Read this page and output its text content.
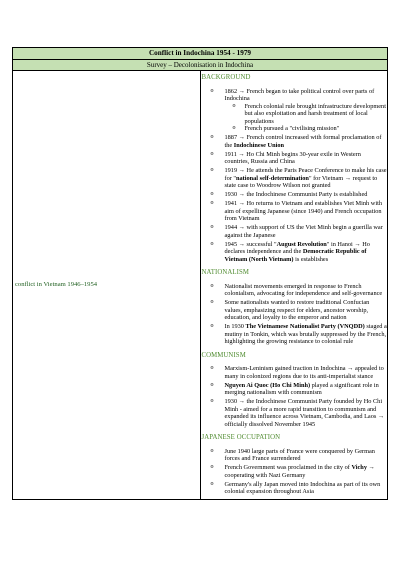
Conflict in Indochina 1954 - 1979
Survey – Decolonisation in Indochina

conflict in Vietnam 1946–1954

BACKGROUND
o 1862 → French began to take political control over parts of Indochina
o French colonial rule brought infrastructure development but also exploitation and harsh treatment of local populations
o French pursued a "civilising mission"
o 1887 → French control increased with formal proclamation of the Indochinese Union
o 1911 → Ho Chi Minh begins 30-year exile in Western countries, Russia and China
o 1919 → He attends the Paris Peace Conference to make his case for "national self-determination" for Vietnam → request to state case to Woodrow Wilson not granted
o 1930 → the Indochinese Communist Party is established
o 1941 → Ho returns to Vietnam and establishes Viet Minh with aim of expelling Japanese (since 1940) and French occupation from Vietnam
o 1944 → with support of US the Viet Minh begin a guerilla war against the Japanese
o 1945 → successful "August Revolution" in Hanoi → Ho declares independence and the Democratic Republic of Vietnam (North Vietnam) is establishes
NATIONALISM
o Nationalist movements emerged in response to French colonialism, advocating for independence and self-governance
o Some nationalists wanted to restore traditional Confucian values, emphasizing respect for elders, ancestor worship, education, and loyalty to the emperor and nation
o In 1930 The Vietnamese Nationalist Party (VNQDD) staged a mutiny in Tonkin, which was brutally suppressed by the French, highlighting the growing resistance to colonial rule
COMMUNISM
o Marxism-Leninism gained traction in Indochina → appealed to many in colonized regions due to its anti-imperialist stance
o Nguyen Ai Quoc (Ho Chi Minh) played a significant role in merging nationalism with communism
o 1930 → the Indochinese Communist Party founded by Ho Chi Minh - aimed for a more rapid transition to communism and expanded its influence across Vietnam, Cambodia, and Laos → officially dissolved November 1945
JAPANESE OCCUPATION
o June 1940 large parts of France were conquered by German forces and France surrendered
o French Government was proclaimed in the city of Vichy → cooperating with Nazi Germany
o Germany's ally Japan moved into Indochina as part of its own colonial expansion throughout Asia
